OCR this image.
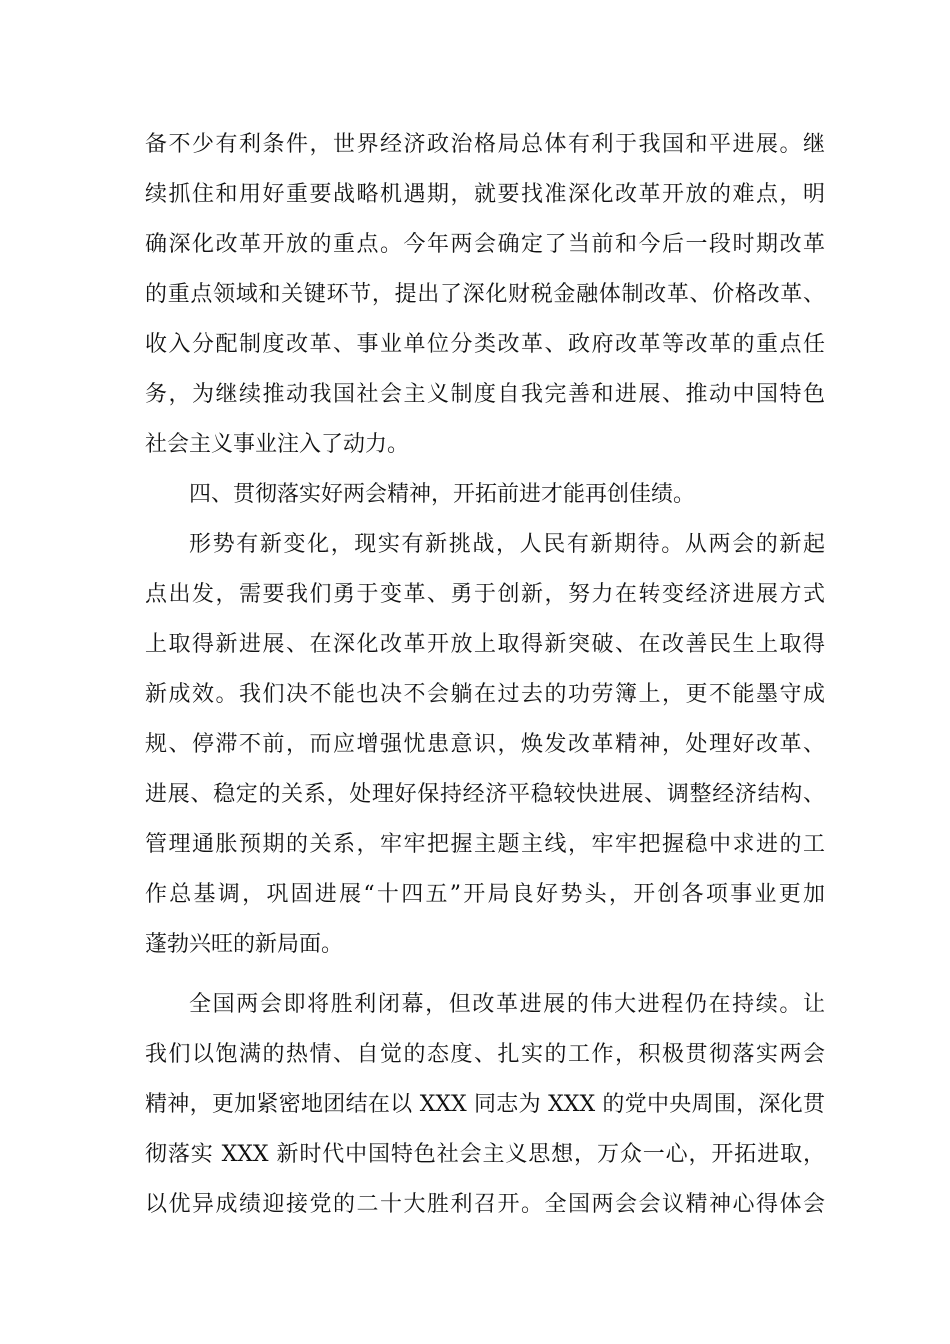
备不少有利条件，世界经济政治格局总体有利于我国和平进展。继
续抓住和用好重要战略机遇期，就要找准深化改革开放的难点，明
确深化改革开放的重点。今年两会确定了当前和今后一段时期改革
的重点领域和关键环节，提出了深化财税金融体制改革、价格改革、
收入分配制度改革、事业单位分类改革、政府改革等改革的重点任
务，为继续推动我国社会主义制度自我完善和进展、推动中国特色
社会主义事业注入了动力。
四、贯彻落实好两会精神，开拓前进才能再创佳绩。
形势有新变化，现实有新挑战，人民有新期待。从两会的新起
点出发，需要我们勇于变革、勇于创新，努力在转变经济进展方式
上取得新进展、在深化改革开放上取得新突破、在改善民生上取得
新成效。我们决不能也决不会躺在过去的功劳簿上，更不能墨守成
规、停滞不前，而应增强忧患意识，焕发改革精神，处理好改革、
进展、稳定的关系，处理好保持经济平稳较快进展、调整经济结构、
管理通胀预期的关系，牢牢把握主题主线，牢牢把握稳中求进的工
作总基调，巩固进展“十四五”开局良好势头，开创各项事业更加
蓬勃兴旺的新局面。
全国两会即将胜利闭幕，但改革进展的伟大进程仍在持续。让
我们以饱满的热情、自觉的态度、扎实的工作，积极贯彻落实两会
精神，更加紧密地团结在以 XXX 同志为 XXX 的党中央周围，深化贯
彻落实 XXX 新时代中国特色社会主义思想，万众一心，开拓进取，
以优异成绩迎接党的二十大胜利召开。全国两会会议精神心得体会
